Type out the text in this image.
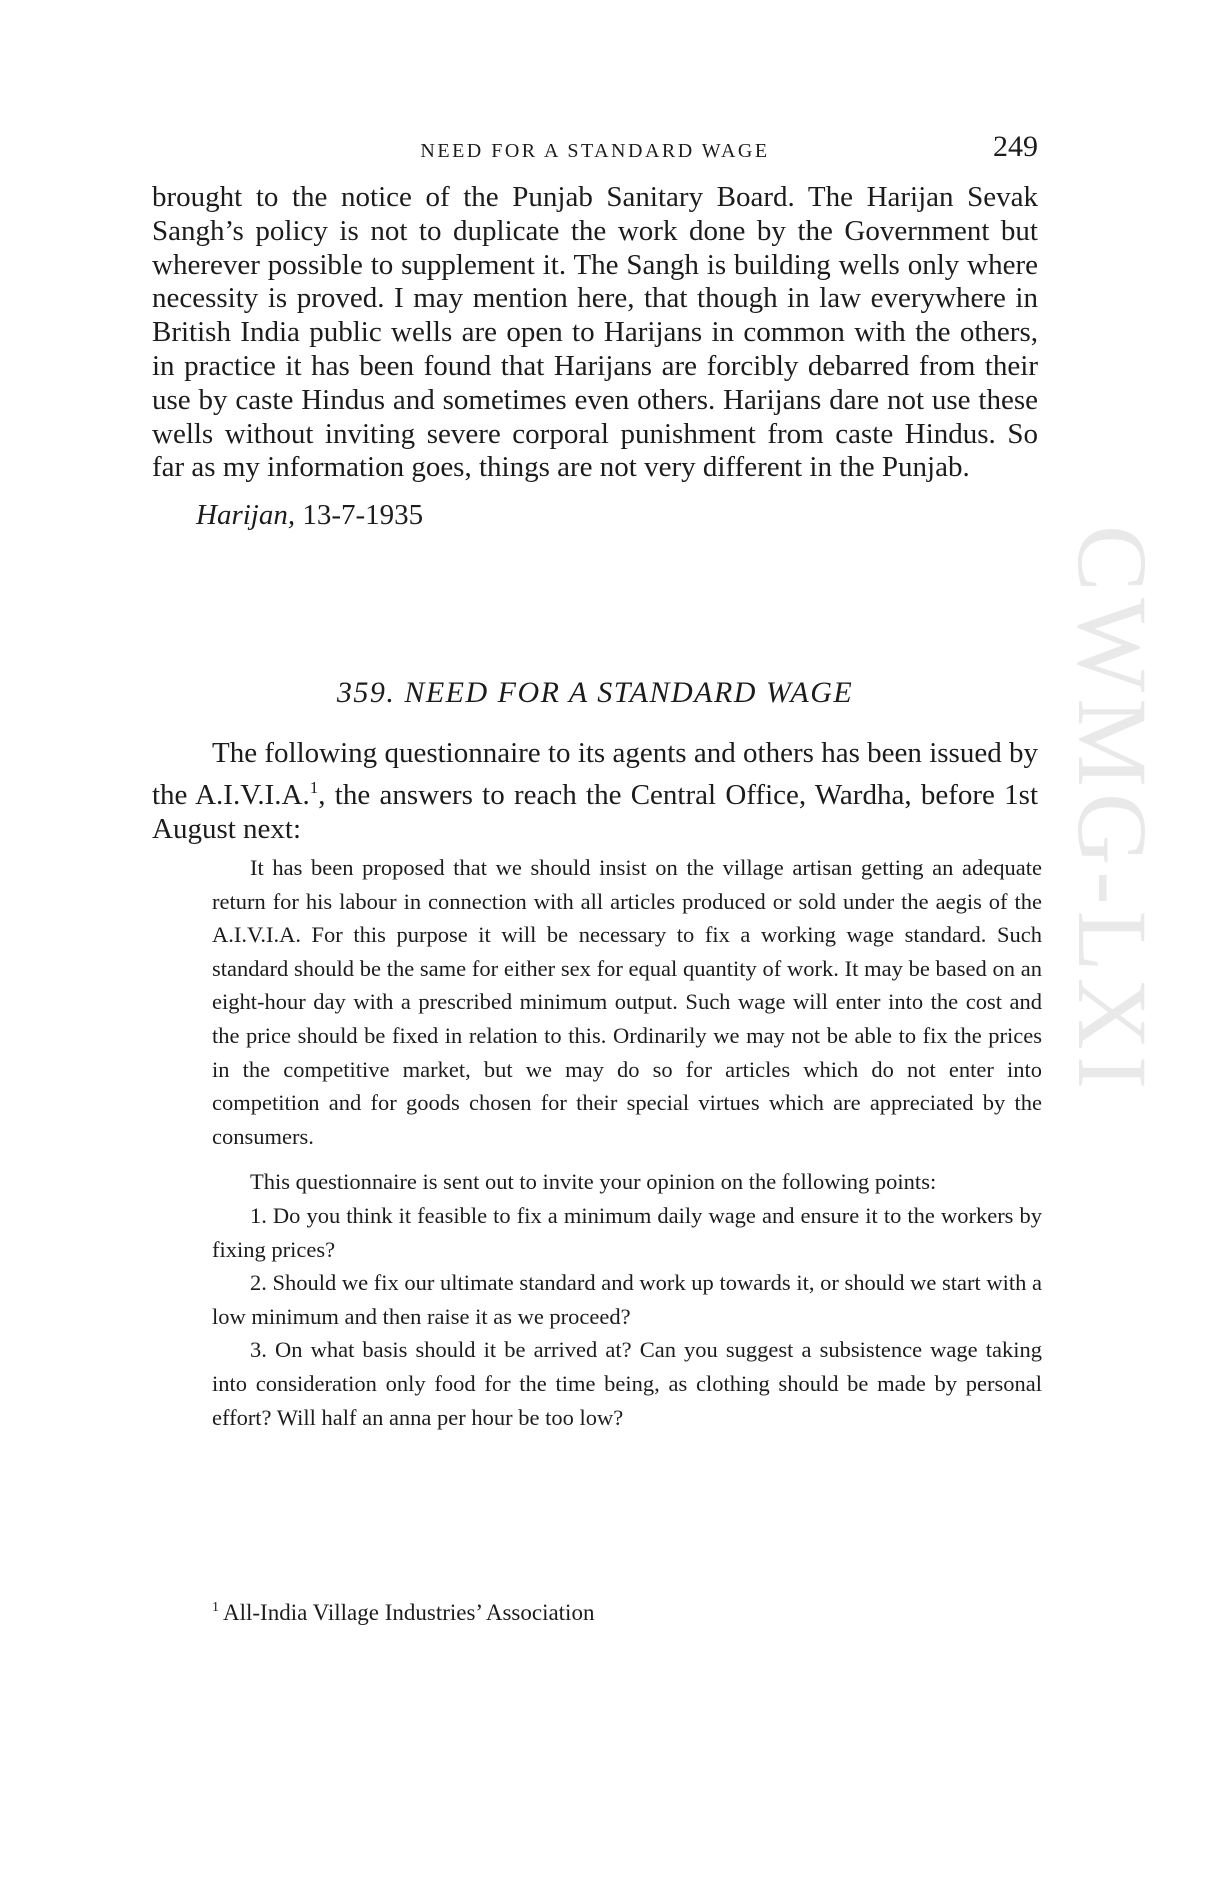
NEED FOR A STANDARD WAGE	249

brought to the notice of the Punjab Sanitary Board. The Harijan Sevak Sangh’s policy is not to duplicate the work done by the Government but wherever possible to supplement it. The Sangh is building wells only where necessity is proved. I may mention here, that though in law everywhere in British India public wells are open to Harijans in common with the others, in practice it has been found that Harijans are forcibly debarred from their use by caste Hindus and sometimes even others. Harijans dare not use these wells without inviting severe corporal punishment from caste Hindus. So far as my information goes, things are not very different in the Punjab.

Harijan, 13-7-1935

359. NEED FOR A STANDARD WAGE

The following questionnaire to its agents and others has been issued by the A.I.V.I.A.$^1$, the answers to reach the Central Office, Wardha, before 1st August next:

It has been proposed that we should insist on the village artisan getting an adequate return for his labour in connection with all articles produced or sold under the aegis of the A.I.V.I.A. For this purpose it will be necessary to fix a working wage standard. Such standard should be the same for either sex for equal quantity of work. It may be based on an eight-hour day with a prescribed minimum output. Such wage will enter into the cost and the price should be fixed in relation to this. Ordinarily we may not be able to fix the prices in the competitive market, but we may do so for articles which do not enter into competition and for goods chosen for their special virtues which are appreciated by the consumers.

This questionnaire is sent out to invite your opinion on the following points:

1. Do you think it feasible to fix a minimum daily wage and ensure it to the workers by fixing prices?

2. Should we fix our ultimate standard and work up towards it, or should we start with a low minimum and then raise it as we proceed?

3. On what basis should it be arrived at? Can you suggest a subsistence wage taking into consideration only food for the time being, as clothing should be made by personal effort? Will half an anna per hour be too low?

$^1$ All-India Village Industries’ Association
CWMG-LXI
